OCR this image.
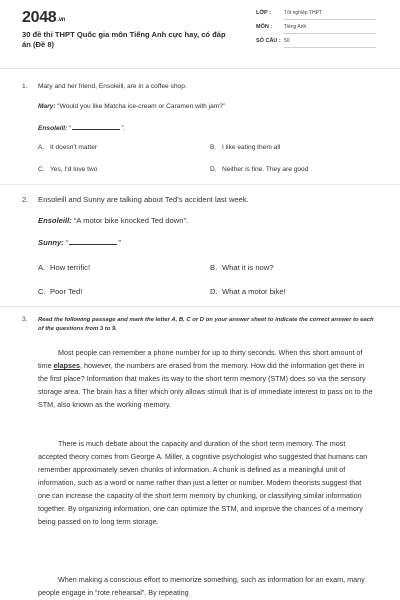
2048.vn
30 đề thi THPT Quốc gia môn Tiếng Anh cực hay, có đáp án (Đề 8)
LỚP :	Tốt nghiệp THPT
MÔN : Tiếng Anh
SỐ CÂU : 50
1. Mary and her friend, Ensoleill, are in a coffee shop.
Mary: “Would you like Matcha ice-cream or Caramen with jam?”
Ensoleill: “	”.
A. It doesn't matter	B. I like eating them all
C. Yes, I’d love two	D. Neither is fine. They are good
2. Ensoleill and Sunny are talking about Ted’s accident last week.
Ensoleill: “A motor bike knocked Ted down”.
Sunny: “	”
A. How terrific!	B. What it is now?
C. Poor Ted!	D. What a motor bike!
3. Read the following passage and mark the letter A, B, C or D on your answer sheet to indicate the correct answer to each of the questions from 3 to 9.
Most people can remember a phone number for up to thirty seconds. When this short amount of time elapses, however, the numbers are erased from the memory. How did the information get there in the first place? Information that makes its way to the short term memory (STM) does so via the sensory storage area. The brain has a filter which only allows stimuli that is of immediate interest to pass on to the STM, also known as the working memory.
There is much debate about the capacity and duration of the short term memory. The most accepted theory comes from George A. Miller, a cognitive psychologist who suggested that humans can remember approximately seven chunks of information. A chunk is defined as a meaningful unit of information, such as a word or name rather than just a letter or number. Modern theorists suggest that one can increase the capacity of the short term memory by chunking, or classifying similar information together. By organizing information, one can optimize the STM, and improve the chances of a memory being passed on to long term storage.
When making a conscious effort to memorize something, such as information for an exam, many people engage in “rote rehearsal”. By repeating
